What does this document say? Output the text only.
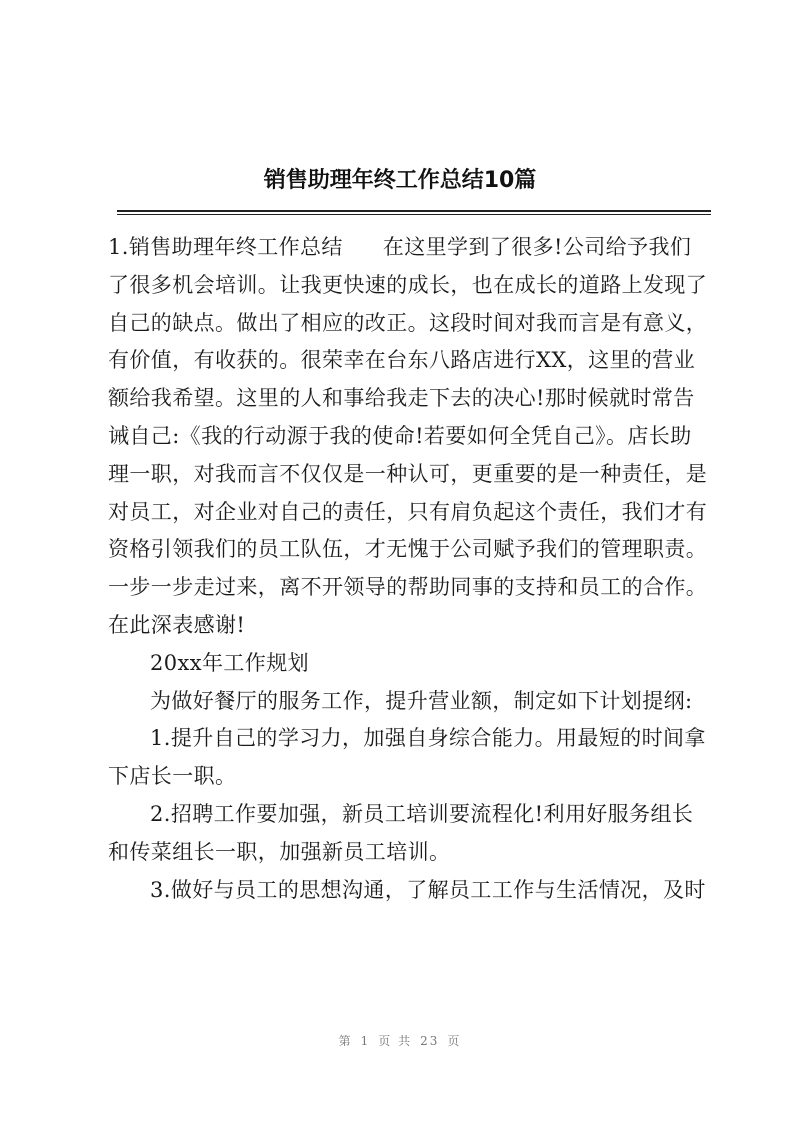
销售助理年终工作总结10篇

1.销售助理年终工作总结 在这里学到了很多!公司给予我们了很多机会培训。让我更快速的成长，也在成长的道路上发现了自己的缺点。做出了相应的改正。这段时间对我而言是有意义，有价值，有收获的。很荣幸在台东八路店进行XX，这里的营业额给我希望。这里的人和事给我走下去的决心!那时候就时常告诫自己:《我的行动源于我的使命!若要如何全凭自己》。店长助理一职，对我而言不仅仅是一种认可，更重要的是一种责任，是对员工，对企业对自己的责任，只有肩负起这个责任，我们才有资格引领我们的员工队伍，才无愧于公司赋予我们的管理职责。一步一步走过来，离不开领导的帮助同事的支持和员工的合作。在此深表感谢!

20xx年工作规划

为做好餐厅的服务工作，提升营业额，制定如下计划提纲:

1.提升自己的学习力，加强自身综合能力。用最短的时间拿下店长一职。

2.招聘工作要加强，新员工培训要流程化!利用好服务组长和传菜组长一职，加强新员工培训。

3.做好与员工的思想沟通，了解员工工作与生活情况，及时

第 1 页 共 23 页
